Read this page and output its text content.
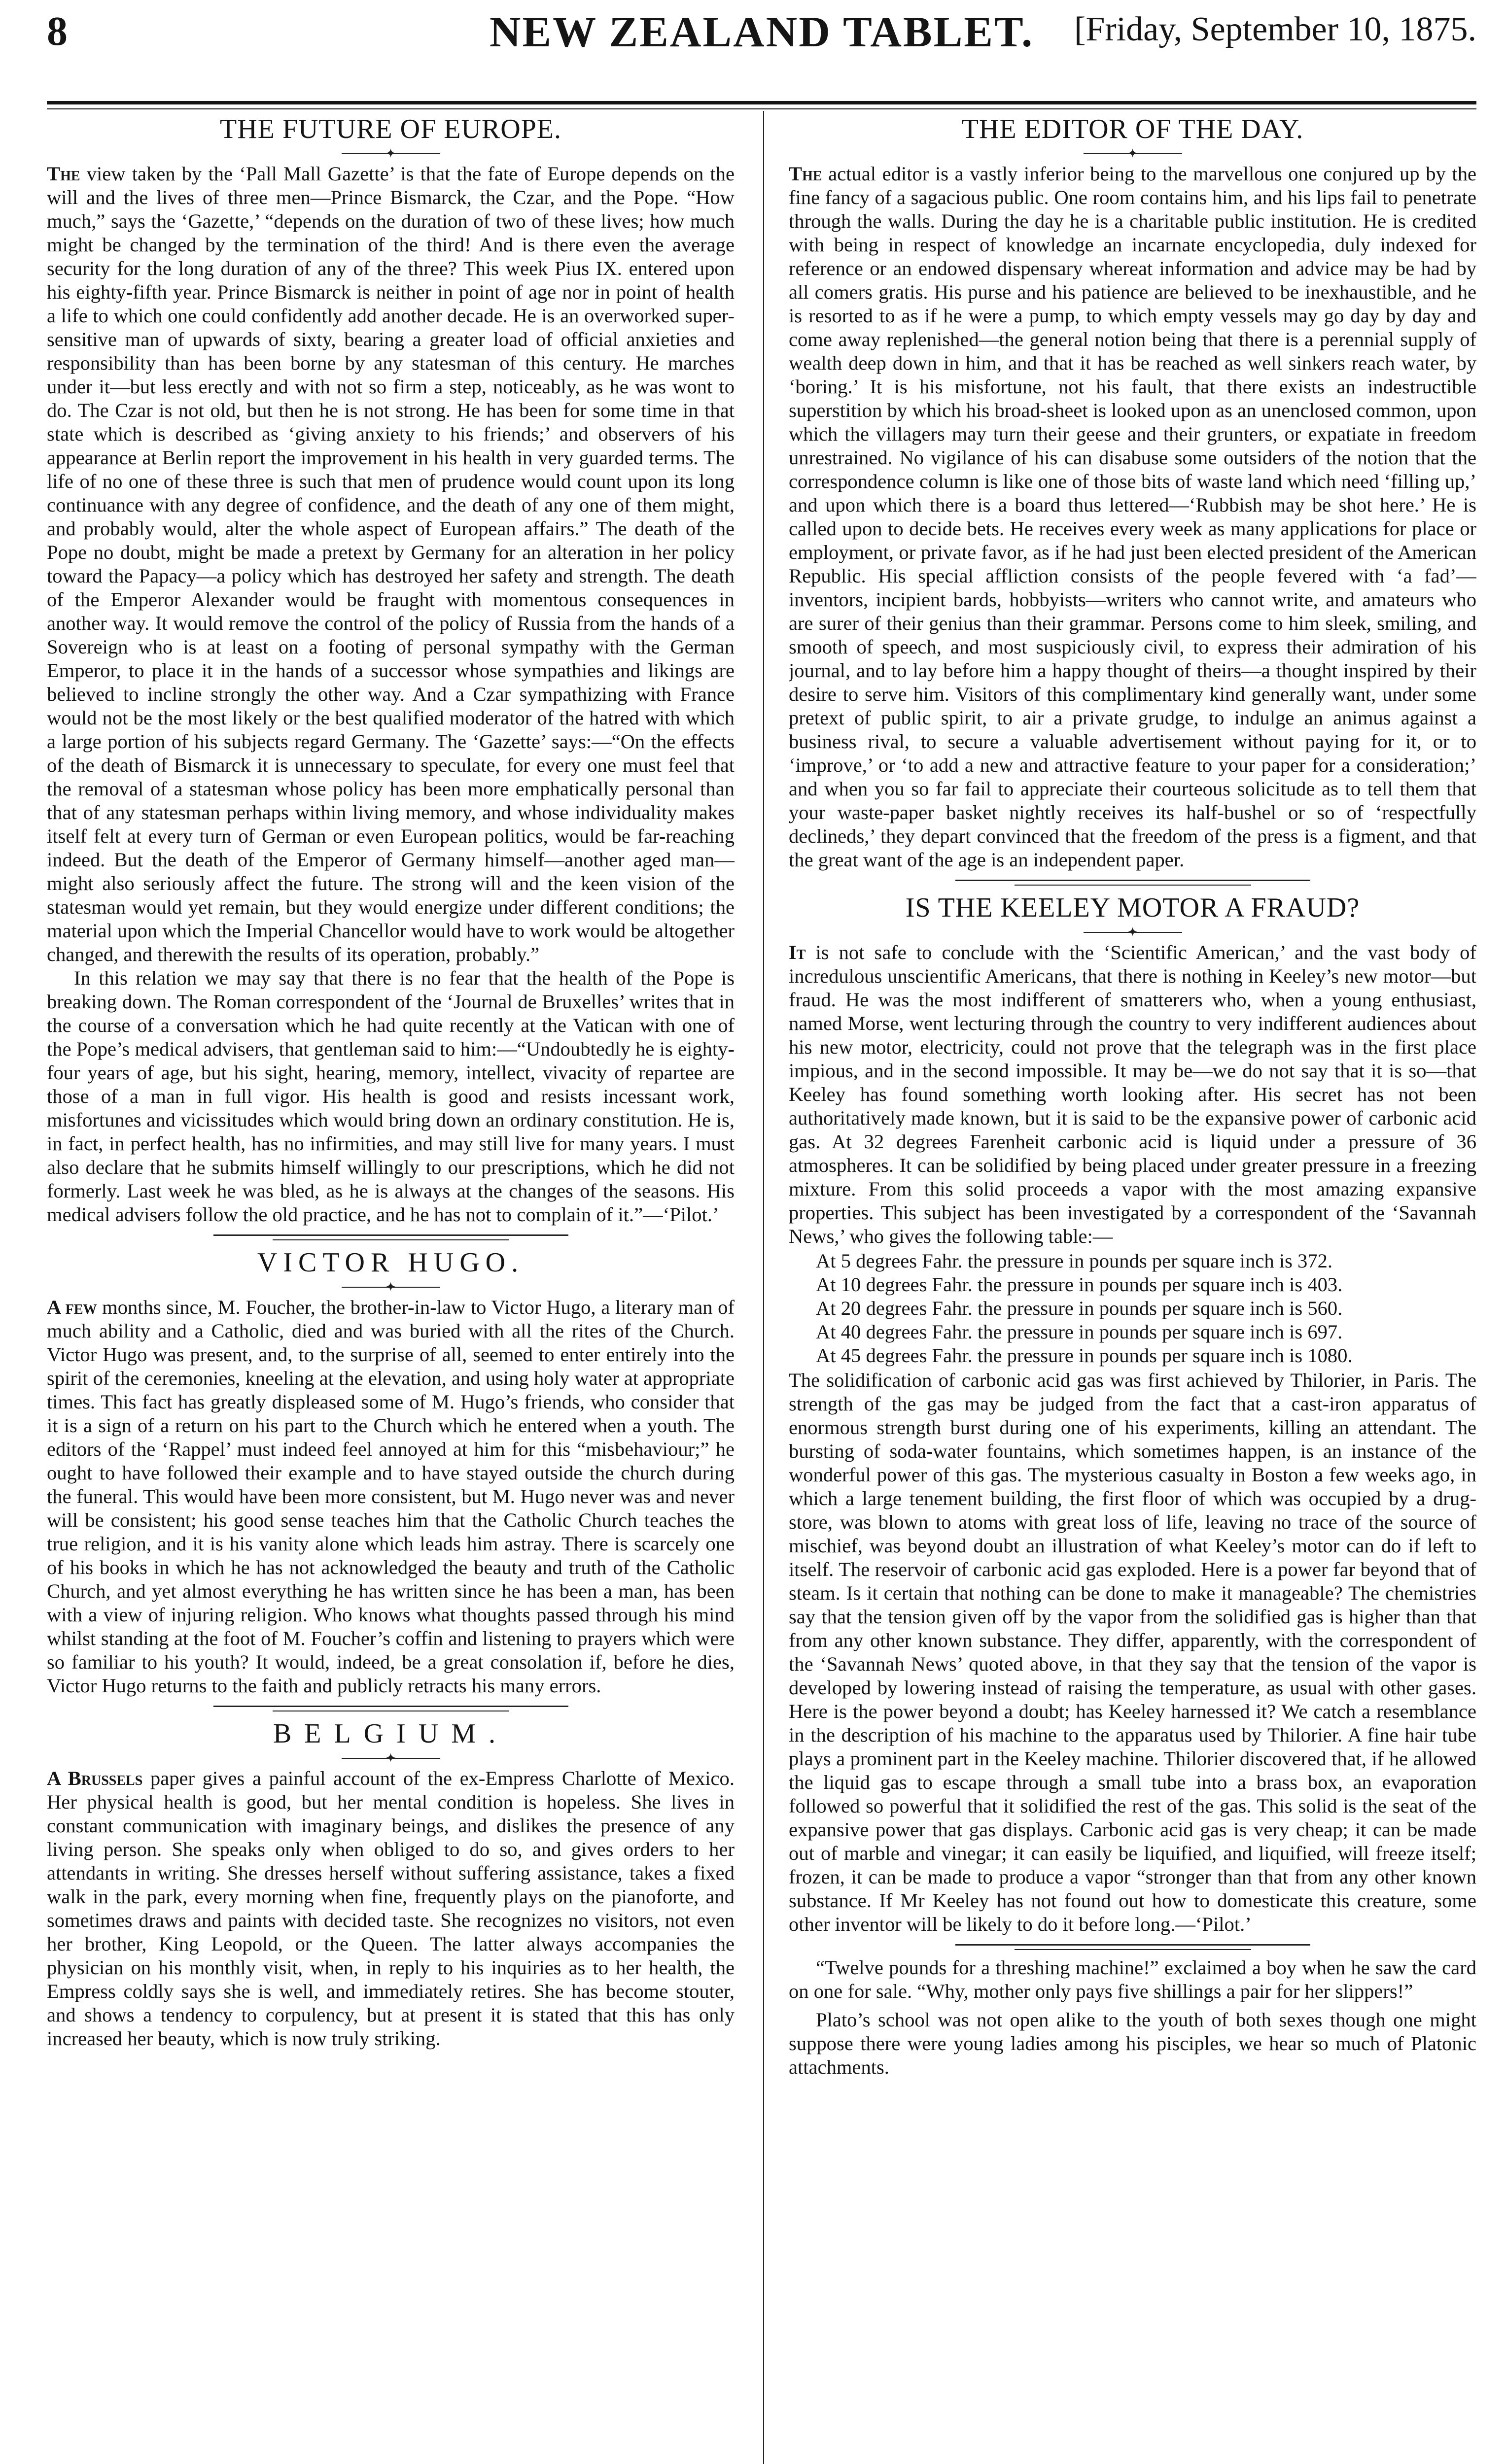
8	NEW ZEALAND TABLET.	[Friday, September 10, 1875.
THE FUTURE OF EUROPE.
✦

The view taken by the ‘Pall Mall Gazette’ is that the fate of Europe depends on the will and the lives of three men—Prince Bismarck, the Czar, and the Pope. “How much,” says the ‘Gazette,’ “depends on the duration of two of these lives; how much might be changed by the termination of the third! And is there even the average security for the long duration of any of the three? This week Pius IX. entered upon his eighty-fifth year. Prince Bismarck is neither in point of age nor in point of health a life to which one could confidently add another decade. He is an overworked super-sensitive man of upwards of sixty, bearing a greater load of official anxieties and responsibility than has been borne by any statesman of this century. He marches under it—but less erectly and with not so firm a step, noticeably, as he was wont to do. The Czar is not old, but then he is not strong. He has been for some time in that state which is described as ‘giving anxiety to his friends;’ and observers of his appearance at Berlin report the improvement in his health in very guarded terms. The life of no one of these three is such that men of prudence would count upon its long continuance with any degree of confidence, and the death of any one of them might, and probably would, alter the whole aspect of European affairs.” The death of the Pope no doubt, might be made a pretext by Germany for an alteration in her policy toward the Papacy—a policy which has destroyed her safety and strength. The death of the Emperor Alexander would be fraught with momentous consequences in another way. It would remove the control of the policy of Russia from the hands of a Sovereign who is at least on a footing of personal sympathy with the German Emperor, to place it in the hands of a successor whose sympathies and likings are believed to incline strongly the other way. And a Czar sympathizing with France would not be the most likely or the best qualified moderator of the hatred with which a large portion of his subjects regard Germany. The ‘Gazette’ says:—“On the effects of the death of Bismarck it is unnecessary to speculate, for every one must feel that the removal of a statesman whose policy has been more emphatically personal than that of any statesman perhaps within living memory, and whose individuality makes itself felt at every turn of German or even European politics, would be far-reaching indeed. But the death of the Emperor of Germany himself—another aged man—might also seriously affect the future. The strong will and the keen vision of the statesman would yet remain, but they would energize under different conditions; the material upon which the Imperial Chancellor would have to work would be altogether changed, and therewith the results of its operation, probably.”

In this relation we may say that there is no fear that the health of the Pope is breaking down. The Roman correspondent of the ‘Journal de Bruxelles’ writes that in the course of a conversation which he had quite recently at the Vatican with one of the Pope’s medical advisers, that gentleman said to him:—“Undoubtedly he is eighty-four years of age, but his sight, hearing, memory, intellect, vivacity of repartee are those of a man in full vigor. His health is good and resists incessant work, misfortunes and vicissitudes which would bring down an ordinary constitution. He is, in fact, in perfect health, has no infirmities, and may still live for many years. I must also declare that he submits himself willingly to our prescriptions, which he did not formerly. Last week he was bled, as he is always at the changes of the seasons. His medical advisers follow the old practice, and he has not to complain of it.”—‘Pilot.’

VICTOR HUGO.
✦

A few months since, M. Foucher, the brother-in-law to Victor Hugo, a literary man of much ability and a Catholic, died and was buried with all the rites of the Church. Victor Hugo was present, and, to the surprise of all, seemed to enter entirely into the spirit of the ceremonies, kneeling at the elevation, and using holy water at appropriate times. This fact has greatly displeased some of M. Hugo’s friends, who consider that it is a sign of a return on his part to the Church which he entered when a youth. The editors of the ‘Rappel’ must indeed feel annoyed at him for this “misbehaviour;” he ought to have followed their example and to have stayed outside the church during the funeral. This would have been more consistent, but M. Hugo never was and never will be consistent; his good sense teaches him that the Catholic Church teaches the true religion, and it is his vanity alone which leads him astray. There is scarcely one of his books in which he has not acknowledged the beauty and truth of the Catholic Church, and yet almost everything he has written since he has been a man, has been with a view of injuring religion. Who knows what thoughts passed through his mind whilst standing at the foot of M. Foucher’s coffin and listening to prayers which were so familiar to his youth? It would, indeed, be a great consolation if, before he dies, Victor Hugo returns to the faith and publicly retracts his many errors.

BELGIUM.
✦

A Brussels paper gives a painful account of the ex-Empress Charlotte of Mexico. Her physical health is good, but her mental condition is hopeless. She lives in constant communication with imaginary beings, and dislikes the presence of any living person. She speaks only when obliged to do so, and gives orders to her attendants in writing. She dresses herself without suffering assistance, takes a fixed walk in the park, every morning when fine, frequently plays on the pianoforte, and sometimes draws and paints with decided taste. She recognizes no visitors, not even her brother, King Leopold, or the Queen. The latter always accompanies the physician on his monthly visit, when, in reply to his inquiries as to her health, the Empress coldly says she is well, and immediately retires. She has become stouter, and shows a tendency to corpulency, but at present it is stated that this has only increased her beauty, which is now truly striking.

THE EDITOR OF THE DAY.
✦

The actual editor is a vastly inferior being to the marvellous one conjured up by the fine fancy of a sagacious public. One room contains him, and his lips fail to penetrate through the walls. During the day he is a charitable public institution. He is credited with being in respect of knowledge an incarnate encyclopedia, duly indexed for reference or an endowed dispensary whereat information and advice may be had by all comers gratis. His purse and his patience are believed to be inexhaustible, and he is resorted to as if he were a pump, to which empty vessels may go day by day and come away replenished—the general notion being that there is a perennial supply of wealth deep down in him, and that it has be reached as well sinkers reach water, by ‘boring.’ It is his misfortune, not his fault, that there exists an indestructible superstition by which his broad-sheet is looked upon as an unenclosed common, upon which the villagers may turn their geese and their grunters, or expatiate in freedom unrestrained. No vigilance of his can disabuse some outsiders of the notion that the correspondence column is like one of those bits of waste land which need ‘filling up,’ and upon which there is a board thus lettered—‘Rubbish may be shot here.’ He is called upon to decide bets. He receives every week as many applications for place or employment, or private favor, as if he had just been elected president of the American Republic. His special affliction consists of the people fevered with ‘a fad’—inventors, incipient bards, hobbyists—writers who cannot write, and amateurs who are surer of their genius than their grammar. Persons come to him sleek, smiling, and smooth of speech, and most suspiciously civil, to express their admiration of his journal, and to lay before him a happy thought of theirs—a thought inspired by their desire to serve him. Visitors of this complimentary kind generally want, under some pretext of public spirit, to air a private grudge, to indulge an animus against a business rival, to secure a valuable advertisement without paying for it, or to ‘improve,’ or ‘to add a new and attractive feature to your paper for a consideration;’ and when you so far fail to appreciate their courteous solicitude as to tell them that your waste-paper basket nightly receives its half-bushel or so of ‘respectfully declineds,’ they depart convinced that the freedom of the press is a figment, and that the great want of the age is an independent paper.

IS THE KEELEY MOTOR A FRAUD?
✦

It is not safe to conclude with the ‘Scientific American,’ and the vast body of incredulous unscientific Americans, that there is nothing in Keeley’s new motor—but fraud. He was the most indifferent of smatterers who, when a young enthusiast, named Morse, went lecturing through the country to very indifferent audiences about his new motor, electricity, could not prove that the telegraph was in the first place impious, and in the second impossible. It may be—we do not say that it is so—that Keeley has found something worth looking after. His secret has not been authoritatively made known, but it is said to be the expansive power of carbonic acid gas. At 32 degrees Farenheit carbonic acid is liquid under a pressure of 36 atmospheres. It can be solidified by being placed under greater pressure in a freezing mixture. From this solid proceeds a vapor with the most amazing expansive properties. This subject has been investigated by a correspondent of the ‘Savannah News,’ who gives the following table:—

At 5 degrees Fahr. the pressure in pounds per square inch is 372.
At 10 degrees Fahr. the pressure in pounds per square inch is 403.
At 20 degrees Fahr. the pressure in pounds per square inch is 560.
At 40 degrees Fahr. the pressure in pounds per square inch is 697.
At 45 degrees Fahr. the pressure in pounds per square inch is 1080.

The solidification of carbonic acid gas was first achieved by Thilorier, in Paris. The strength of the gas may be judged from the fact that a cast-iron apparatus of enormous strength burst during one of his experiments, killing an attendant. The bursting of soda-water fountains, which sometimes happen, is an instance of the wonderful power of this gas. The mysterious casualty in Boston a few weeks ago, in which a large tenement building, the first floor of which was occupied by a drug-store, was blown to atoms with great loss of life, leaving no trace of the source of mischief, was beyond doubt an illustration of what Keeley’s motor can do if left to itself. The reservoir of carbonic acid gas exploded. Here is a power far beyond that of steam. Is it certain that nothing can be done to make it manageable? The chemistries say that the tension given off by the vapor from the solidified gas is higher than that from any other known substance. They differ, apparently, with the correspondent of the ‘Savannah News’ quoted above, in that they say that the tension of the vapor is developed by lowering instead of raising the temperature, as usual with other gases. Here is the power beyond a doubt; has Keeley harnessed it? We catch a resemblance in the description of his machine to the apparatus used by Thilorier. A fine hair tube plays a prominent part in the Keeley machine. Thilorier discovered that, if he allowed the liquid gas to escape through a small tube into a brass box, an evaporation followed so powerful that it solidified the rest of the gas. This solid is the seat of the expansive power that gas displays. Carbonic acid gas is very cheap; it can be made out of marble and vinegar; it can easily be liquified, and liquified, will freeze itself; frozen, it can be made to produce a vapor “stronger than that from any other known substance. If Mr Keeley has not found out how to domesticate this creature, some other inventor will be likely to do it before long.—‘Pilot.’

“Twelve pounds for a threshing machine!” exclaimed a boy when he saw the card on one for sale. “Why, mother only pays five shillings a pair for her slippers!”

Plato’s school was not open alike to the youth of both sexes though one might suppose there were young ladies among his pisciples, we hear so much of Platonic attachments.
